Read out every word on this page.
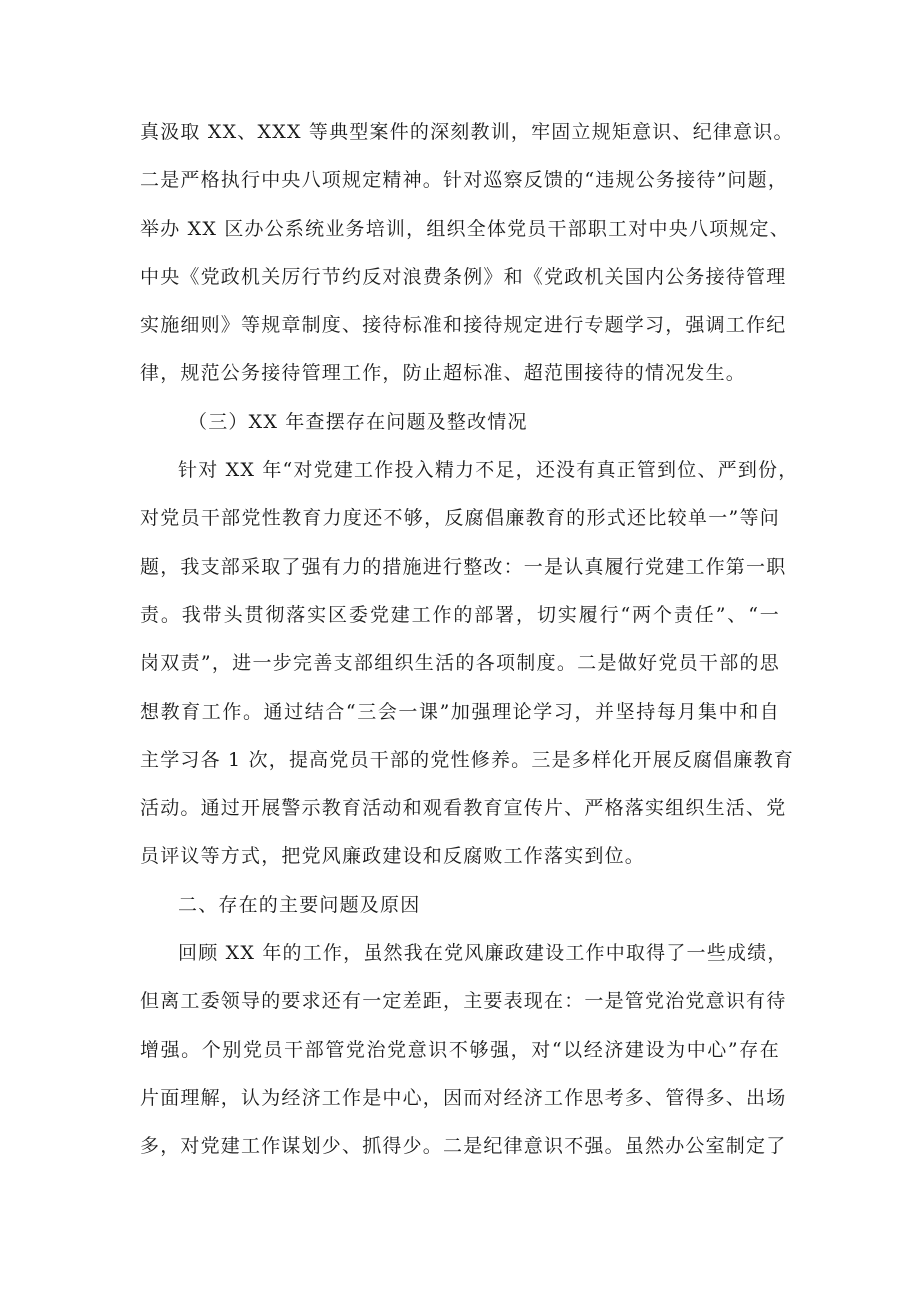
真汲取 XX、XXX 等典型案件的深刻教训，牢固立规矩意识、纪律意识。
二是严格执行中央八项规定精神。针对巡察反馈的“违规公务接待”问题，
举办 XX 区办公系统业务培训，组织全体党员干部职工对中央八项规定、
中央《党政机关厉行节约反对浪费条例》和《党政机关国内公务接待管理
实施细则》等规章制度、接待标准和接待规定进行专题学习，强调工作纪
律，规范公务接待管理工作，防止超标准、超范围接待的情况发生。
（三）XX 年查摆存在问题及整改情况
针对 XX 年“对党建工作投入精力不足，还没有真正管到位、严到份，
对党员干部党性教育力度还不够，反腐倡廉教育的形式还比较单一”等问
题，我支部采取了强有力的措施进行整改：一是认真履行党建工作第一职
责。我带头贯彻落实区委党建工作的部署，切实履行“两个责任”、“一
岗双责”，进一步完善支部组织生活的各项制度。二是做好党员干部的思
想教育工作。通过结合“三会一课”加强理论学习，并坚持每月集中和自
主学习各 1 次，提高党员干部的党性修养。三是多样化开展反腐倡廉教育
活动。通过开展警示教育活动和观看教育宣传片、严格落实组织生活、党
员评议等方式，把党风廉政建设和反腐败工作落实到位。
二、存在的主要问题及原因
回顾 XX 年的工作，虽然我在党风廉政建设工作中取得了一些成绩，
但离工委领导的要求还有一定差距，主要表现在：一是管党治党意识有待
增强。个别党员干部管党治党意识不够强，对“以经济建设为中心”存在
片面理解，认为经济工作是中心，因而对经济工作思考多、管得多、出场
多，对党建工作谋划少、抓得少。二是纪律意识不强。虽然办公室制定了
